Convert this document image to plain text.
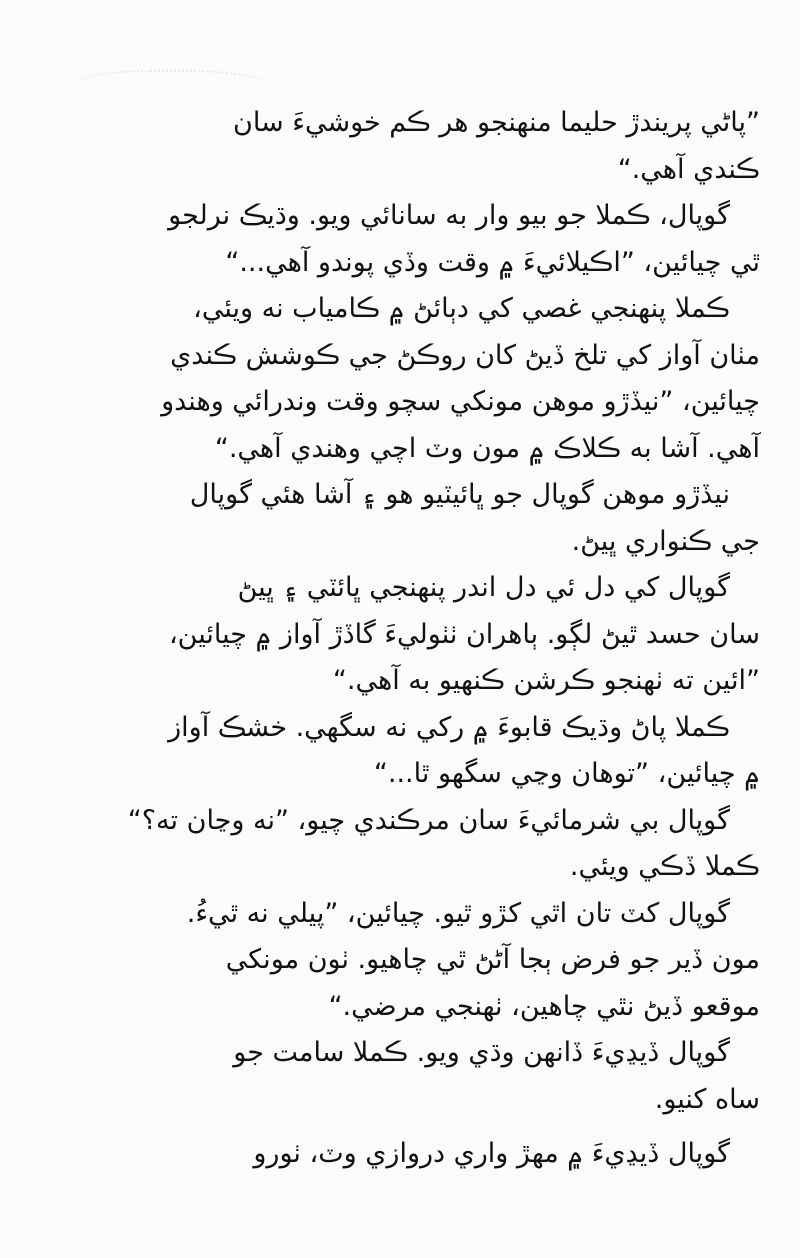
”پاڻي پريندڙ حليما منهنجو هر ڪم خوشيءَ سان
ڪندي آهي.“
گوپال، ڪملا جو بيو وار به سانائي ويو. وڌيڪ نرلجو
ٿي چيائين، ”اڪيلائيءَ ۾ وقت وڏي پوندو آهي...“
ڪملا پنهنجي غصي کي دٻائڻ ۾ ڪامياب نه ويئي،
مٺان آواز کي تلخ ڏيڻ کان روڪڻ جي ڪوشش ڪندي
چيائين، ”نيڏڙو موهن مونکي سچو وقت وندرائي وهندو
آهي. آشا به ڪلاڪ ۾ مون وٽ اچي وهندي آهي.“
نيڏڙو موهن گوپال جو ڀائيٽيو هو ۽ آشا هئي گوپال
جي ڪنواري ڀيڻ.
گوپال کي دل ئي دل اندر پنهنجي ڀائٽي ۽ ڀيڻ
سان حسد ٿيڻ لڳو. ٻاهران ٺٺوليءَ گاڏڙ آواز ۾ چيائين،
”ائين ته ٺهنجو ڪرشن ڪنهيو به آهي.“
ڪملا پاڻ وڌيڪ قابوءَ ۾ رکي نه سگهي. خشڪ آواز
۾ چيائين، ”توهان وڃي سگهو ٿا...“
گوپال بي شرمائيءَ سان مرڪندي چيو، ”نه وڃان ته؟“
ڪملا ڏڪي ويئي.
گوپال کٽ تان اٿي کڙو ٿيو. چيائين، ”پيلي نه ٿيءُ.
مون ڏير جو فرض ٻجا آڻڻ ٿي چاهيو. ٺون مونکي
موقعو ڏيڻ نٿي چاهين، ٺهنجي مرضي.“
گوپال ڏيڍيءَ ڏانهن وڌي ويو. ڪملا سامت جو
ساه کنيو.
گوپال ڏيڍيءَ ۾ مهڙ واري دروازي وٽ، ٺورو
